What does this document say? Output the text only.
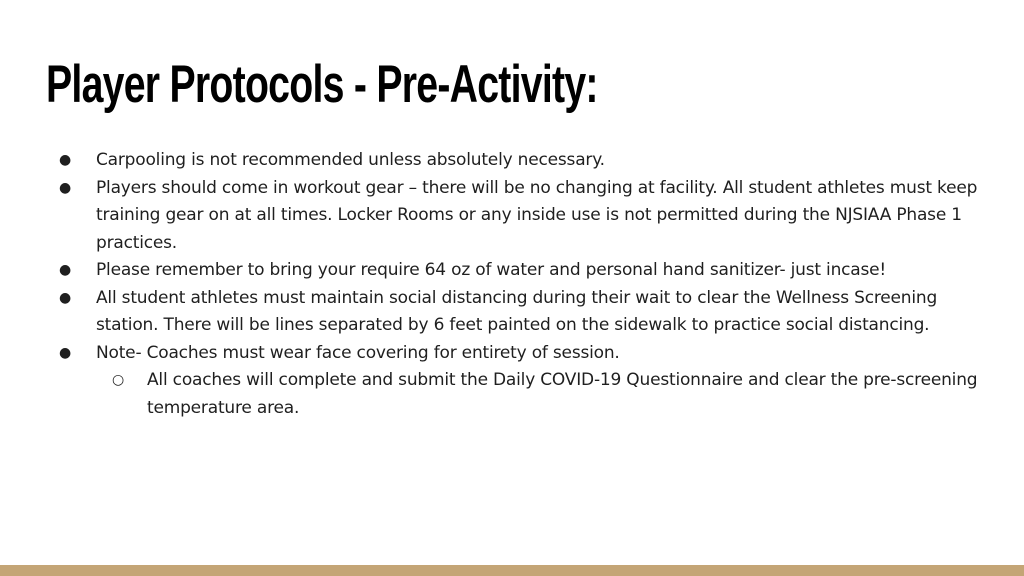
Player Protocols - Pre-Activity:
● Carpooling is not recommended unless absolutely necessary.
● Players should come in workout gear – there will be no changing at facility. All student athletes must keep training gear on at all times. Locker Rooms or any inside use is not permitted during the NJSIAA Phase 1 practices.
● Please remember to bring your require 64 oz of water and personal hand sanitizer- just incase!
● All student athletes must maintain social distancing during their wait to clear the Wellness Screening station. There will be lines separated by 6 feet painted on the sidewalk to practice social distancing.
● Note- Coaches must wear face covering for entirety of session.
○ All coaches will complete and submit the Daily COVID-19 Questionnaire and clear the pre-screening temperature area.
